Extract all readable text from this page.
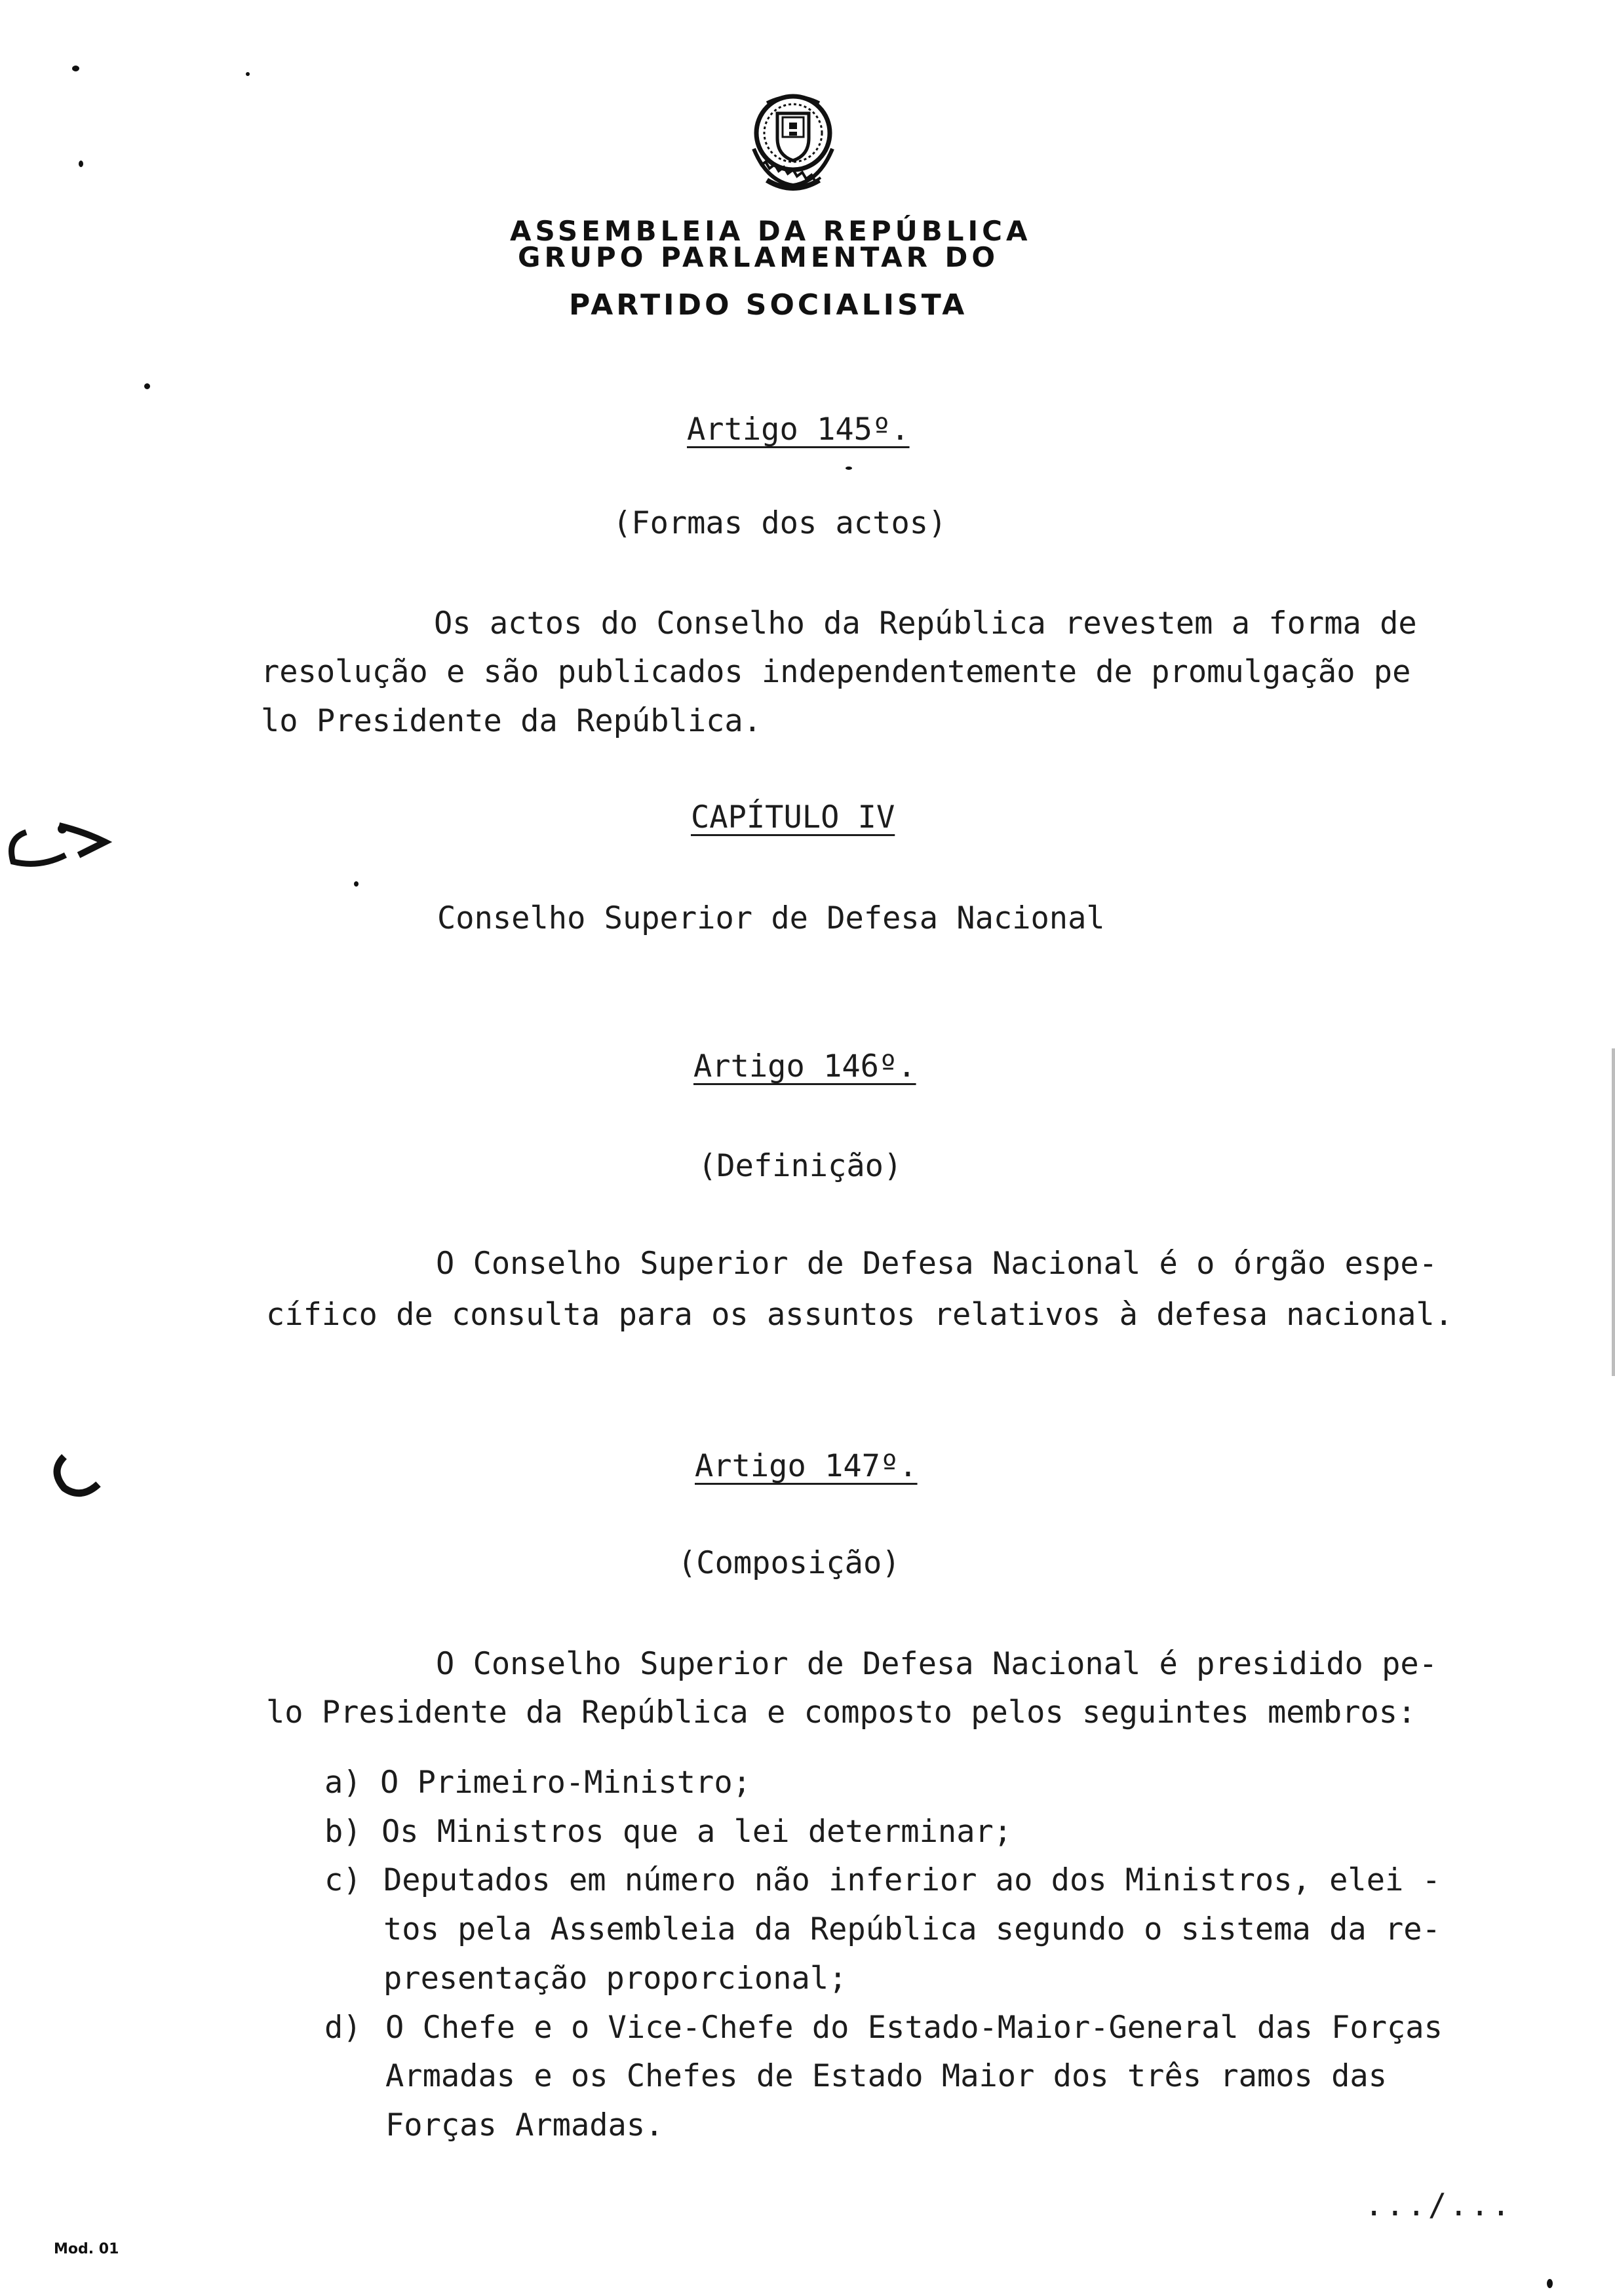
ASSEMBLEIA DA REPÚBLICA
GRUPO PARLAMENTAR DO
PARTIDO SOCIALISTA
Artigo 145º.
(Formas dos actos)
Os actos do Conselho da República revestem a forma de
resolução e são publicados independentemente de promulgação pe
lo Presidente da República.
CAPÍTULO IV
Conselho Superior de Defesa Nacional
Artigo 146º.
(Definição)
O Conselho Superior de Defesa Nacional é o órgão espe-
cífico de consulta para os assuntos relativos à defesa nacional.
Artigo 147º.
(Composição)
O Conselho Superior de Defesa Nacional é presidido pe-
lo Presidente da República e composto pelos seguintes membros:
a) O Primeiro-Ministro;
b) Os Ministros que a lei determinar;
c) Deputados em número não inferior ao dos Ministros, elei -
tos pela Assembleia da República segundo o sistema da re-
presentação proporcional;
d) O Chefe e o Vice-Chefe do Estado-Maior-General das Forças
Armadas e os Chefes de Estado Maior dos três ramos das
Forças Armadas.
.../...
Mod. 01
